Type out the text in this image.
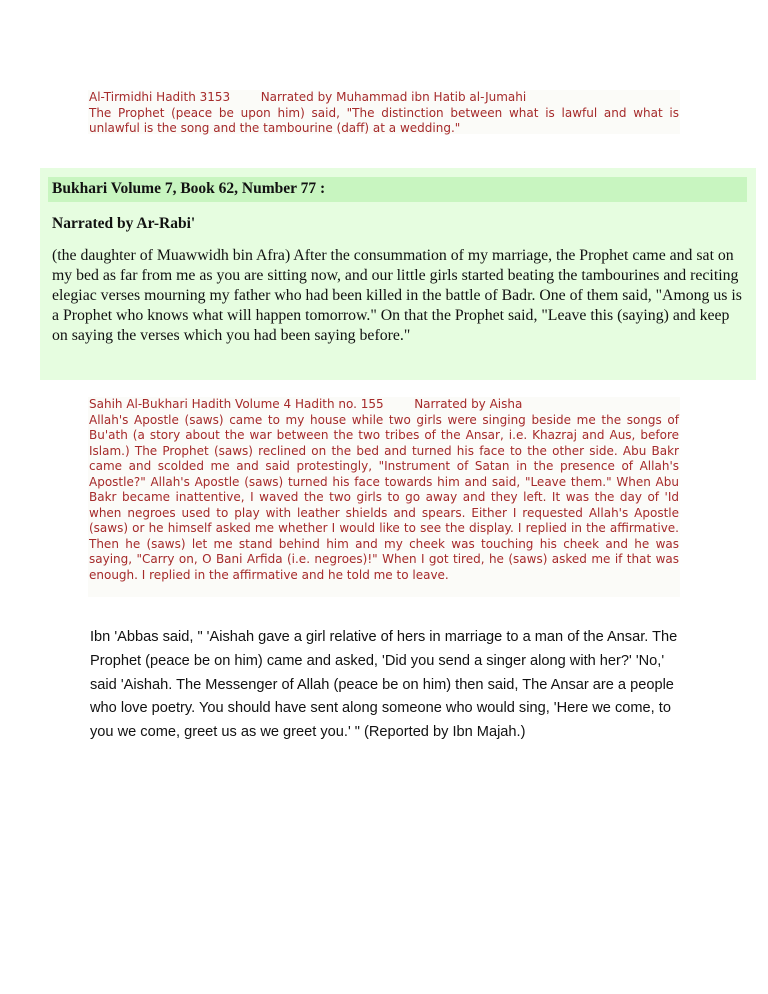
Al-Tirmidhi Hadith 3153	Narrated by Muhammad ibn Hatib al-Jumahi
The Prophet (peace be upon him) said, "The distinction between what is lawful and what is unlawful is the song and the tambourine (daff) at a wedding."
Bukhari Volume 7, Book 62, Number 77 :
Narrated by Ar-Rabi'
(the daughter of Muawwidh bin Afra) After the consummation of my marriage, the Prophet came and sat on my bed as far from me as you are sitting now, and our little girls started beating the tambourines and reciting elegiac verses mourning my father who had been killed in the battle of Badr. One of them said, "Among us is a Prophet who knows what will happen tomorrow." On that the Prophet said, "Leave this (saying) and keep on saying the verses which you had been saying before."
Sahih Al-Bukhari Hadith Volume 4 Hadith no. 155	Narrated by Aisha
Allah's Apostle (saws) came to my house while two girls were singing beside me the songs of Bu'ath (a story about the war between the two tribes of the Ansar, i.e. Khazraj and Aus, before Islam.) The Prophet (saws) reclined on the bed and turned his face to the other side. Abu Bakr came and scolded me and said protestingly, "Instrument of Satan in the presence of Allah's Apostle?" Allah's Apostle (saws) turned his face towards him and said, "Leave them." When Abu Bakr became inattentive, I waved the two girls to go away and they left. It was the day of 'Id when negroes used to play with leather shields and spears. Either I requested Allah's Apostle (saws) or he himself asked me whether I would like to see the display. I replied in the affirmative. Then he (saws) let me stand behind him and my cheek was touching his cheek and he was saying, "Carry on, O Bani Arfida (i.e. negroes)!" When I got tired, he (saws) asked me if that was enough. I replied in the affirmative and he told me to leave.
Ibn 'Abbas said, " 'Aishah gave a girl relative of hers in marriage to a man of the Ansar. The Prophet (peace be on him) came and asked, 'Did you send a singer along with her?' 'No,' said 'Aishah. The Messenger of Allah (peace be on him) then said, The Ansar are a people who love poetry. You should have sent along someone who would sing, 'Here we come, to you we come, greet us as we greet you.' " (Reported by Ibn Majah.)
